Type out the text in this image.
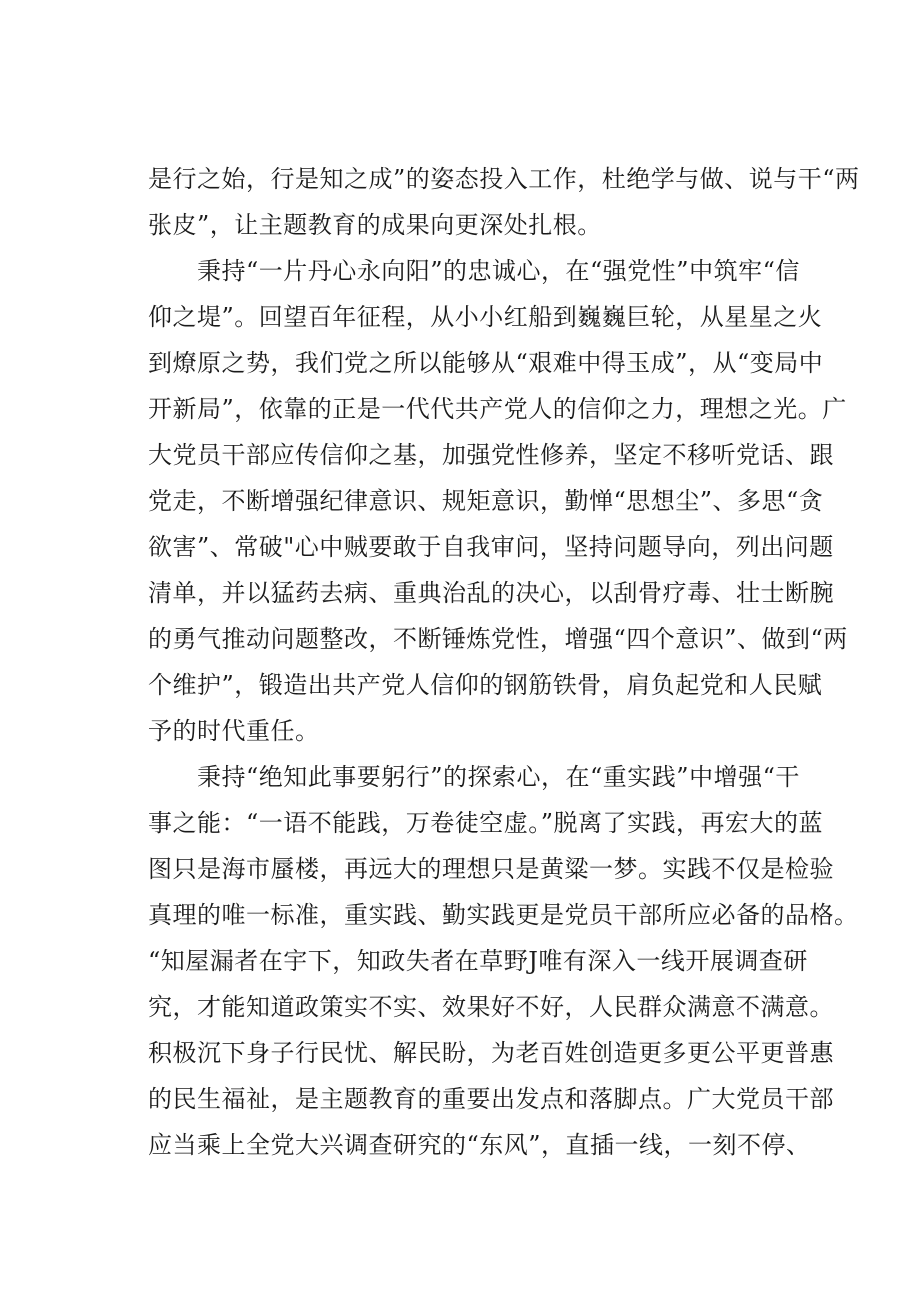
是行之始，行是知之成”的姿态投入工作，杜绝学与做、说与干“两
张皮”，让主题教育的成果向更深处扎根。
　　秉持“一片丹心永向阳”的忠诚心，在“强党性”中筑牢“信
仰之堤”。回望百年征程，从小小红船到巍巍巨轮，从星星之火
到燎原之势，我们党之所以能够从“艰难中得玉成”，从“变局中
开新局”，依靠的正是一代代共产党人的信仰之力，理想之光。广
大党员干部应传信仰之基，加强党性修养，坚定不移听党话、跟
党走，不断增强纪律意识、规矩意识，勤惮“思想尘”、多思“贪
欲害”、常破"心中贼要敢于自我审问，坚持问题导向，列出问题
清单，并以猛药去病、重典治乱的决心，以刮骨疗毒、壮士断腕
的勇气推动问题整改，不断锤炼党性，增强“四个意识”、做到“两
个维护”，锻造出共产党人信仰的钢筋铁骨，肩负起党和人民赋
予的时代重任。
　　秉持“绝知此事要躬行”的探索心，在“重实践”中增强“干
事之能：“一语不能践，万卷徒空虚。”脱离了实践，再宏大的蓝
图只是海市蜃楼，再远大的理想只是黄粱一梦。实践不仅是检验
真理的唯一标准，重实践、勤实践更是党员干部所应必备的品格。
“知屋漏者在宇下，知政失者在草野J唯有深入一线开展调查研
究，才能知道政策实不实、效果好不好，人民群众满意不满意。
积极沉下身子行民忧、解民盼，为老百姓创造更多更公平更普惠
的民生福祉，是主题教育的重要出发点和落脚点。广大党员干部
应当乘上全党大兴调查研究的“东风”，直插一线，一刻不停、
